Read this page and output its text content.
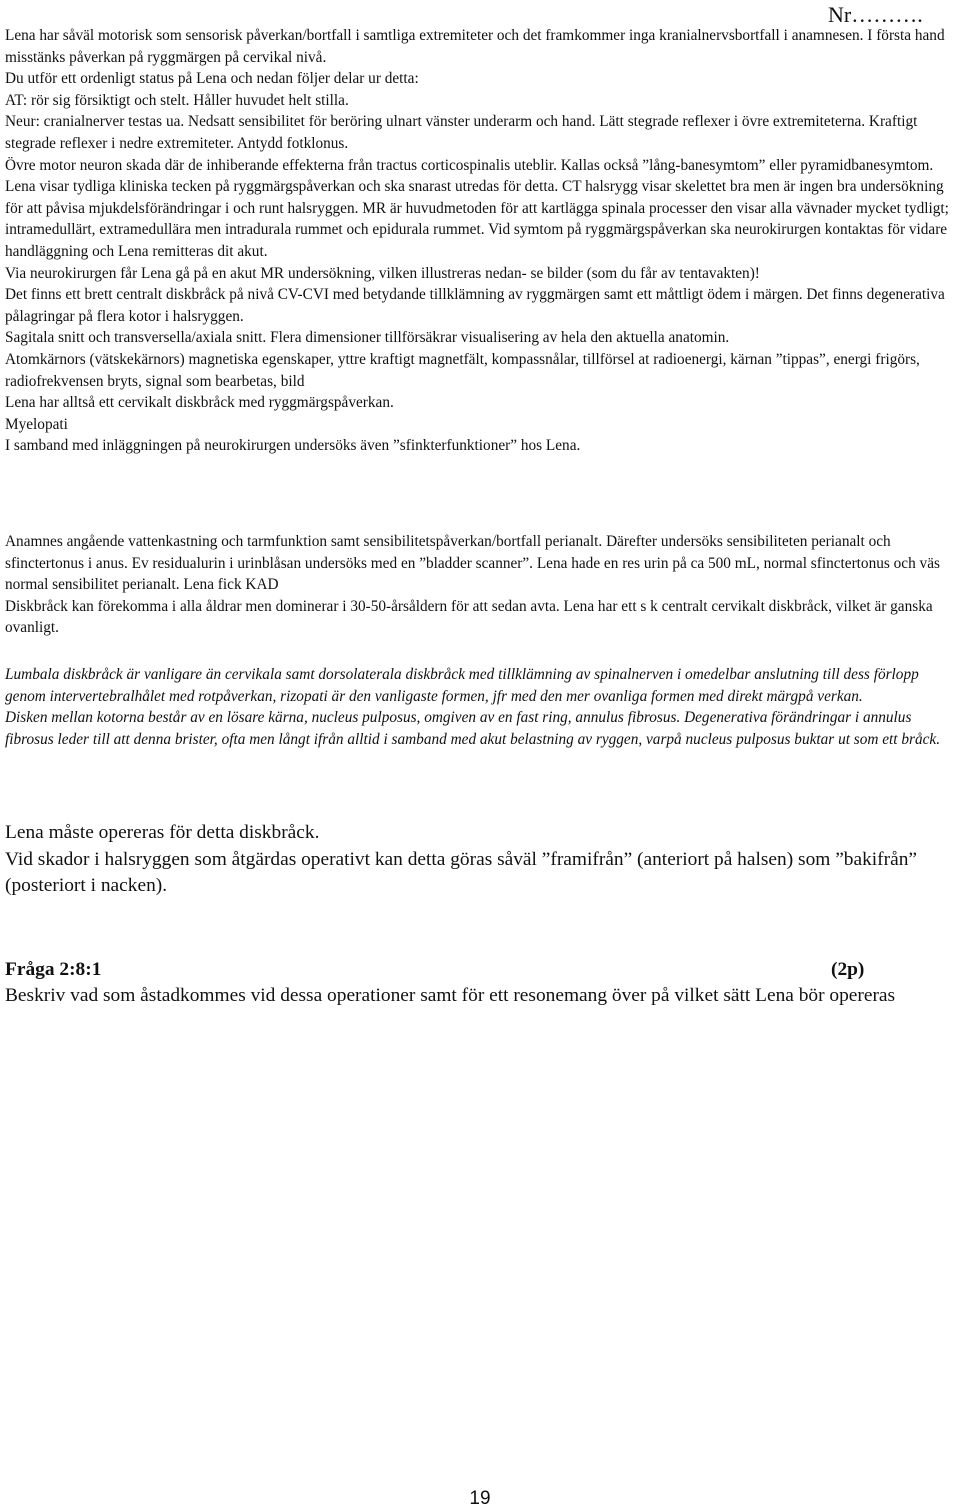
Nr……….

Lena har såväl motorisk som sensorisk påverkan/bortfall i samtliga extremiteter och det framkommer inga kranialnervsbortfall i anamnesen. I första hand misstänks påverkan på ryggmärgen på cervikal nivå.

Du utför ett ordenligt status på Lena och nedan följer delar ur detta:

AT: rör sig försiktigt och stelt. Håller huvudet helt stilla.

Neur: cranialnerver testas ua. Nedsatt sensibilitet för beröring ulnart vänster underarm och hand. Lätt stegrade reflexer i övre extremiteterna. Kraftigt stegrade reflexer i nedre extremiteter. Antydd fotklonus.

Övre motor neuron skada där de inhiberande effekterna från tractus corticospinalis uteblir. Kallas också ”lång-banesymtom” eller pyramidbanesymtom.

Lena visar tydliga kliniska tecken på ryggmärgspåverkan och ska snarast utredas för detta. CT halsrygg visar skelettet bra men är ingen bra undersökning för att påvisa mjukdelsförändringar i och runt halsryggen. MR är huvudmetoden för att kartlägga spinala processer den visar alla vävnader mycket tydligt; intramedullärt, extramedullära men intradurala rummet och epidurala rummet. Vid symtom på ryggmärgspåverkan ska neurokirurgen kontaktas för vidare handläggning och Lena remitteras dit akut.

Via neurokirurgen får Lena gå på en akut MR undersökning, vilken illustreras nedan- se bilder (som du får av tentavakten)!

Det finns ett brett centralt diskbråck på nivå CV-CVI med betydande tillklämning av ryggmärgen samt ett måttligt ödem i märgen. Det finns degenerativa pålagringar på flera kotor i halsryggen.

Sagitala snitt och transversella/axiala snitt. Flera dimensioner tillförsäkrar visualisering av hela den aktuella anatomin.

Atomkärnors (vätskekärnors) magnetiska egenskaper, yttre kraftigt magnetfält, kompassnålar, tillförsel at radioenergi, kärnan ”tippas”, energi frigörs, radiofrekvensen bryts, signal som bearbetas, bild

Lena har alltså ett cervikalt diskbråck med ryggmärgspåverkan.

Myelopati

I samband med inläggningen på neurokirurgen undersöks även ”sfinkterfunktioner” hos Lena.

Anamnes angående vattenkastning och tarmfunktion samt sensibilitetspåverkan/bortfall perianalt. Därefter undersöks sensibiliteten perianalt och sfinctertonus i anus. Ev residualurin i urinblåsan undersöks med en ”bladder scanner”. Lena hade en res urin på ca 500 mL, normal sfinctertonus och väs normal sensibilitet perianalt. Lena fick KAD

Diskbråck kan förekomma i alla åldrar men dominerar i 30-50-årsåldern för att sedan avta. Lena har ett s k centralt cervikalt diskbråck, vilket är ganska ovanligt.

Lumbala diskbråck är vanligare än cervikala samt dorsolaterala diskbråck med tillklämning av spinalnerven i omedelbar anslutning till dess förlopp genom intervertebralhålet med rotpåverkan, rizopati är den vanligaste formen, jfr med den mer ovanliga formen med direkt märgpå verkan.

Disken mellan kotorna består av en lösare kärna, nucleus pulposus, omgiven av en fast ring, annulus fibrosus. Degenerativa förändringar i annulus fibrosus leder till att denna brister, ofta men långt ifrån alltid i samband med akut belastning av ryggen, varpå nucleus pulposus buktar ut som ett bråck.

Lena måste opereras för detta diskbråck.

Vid skador i halsryggen som åtgärdas operativt kan detta göras såväl ”framifrån” (anteriort på halsen) som ”bakifrån” (posteriort i nacken).

Fråga 2:8:1	(2p)
Beskriv vad som åstadkommes vid dessa operationer samt för ett resonemang över på vilket sätt Lena bör opereras
19
